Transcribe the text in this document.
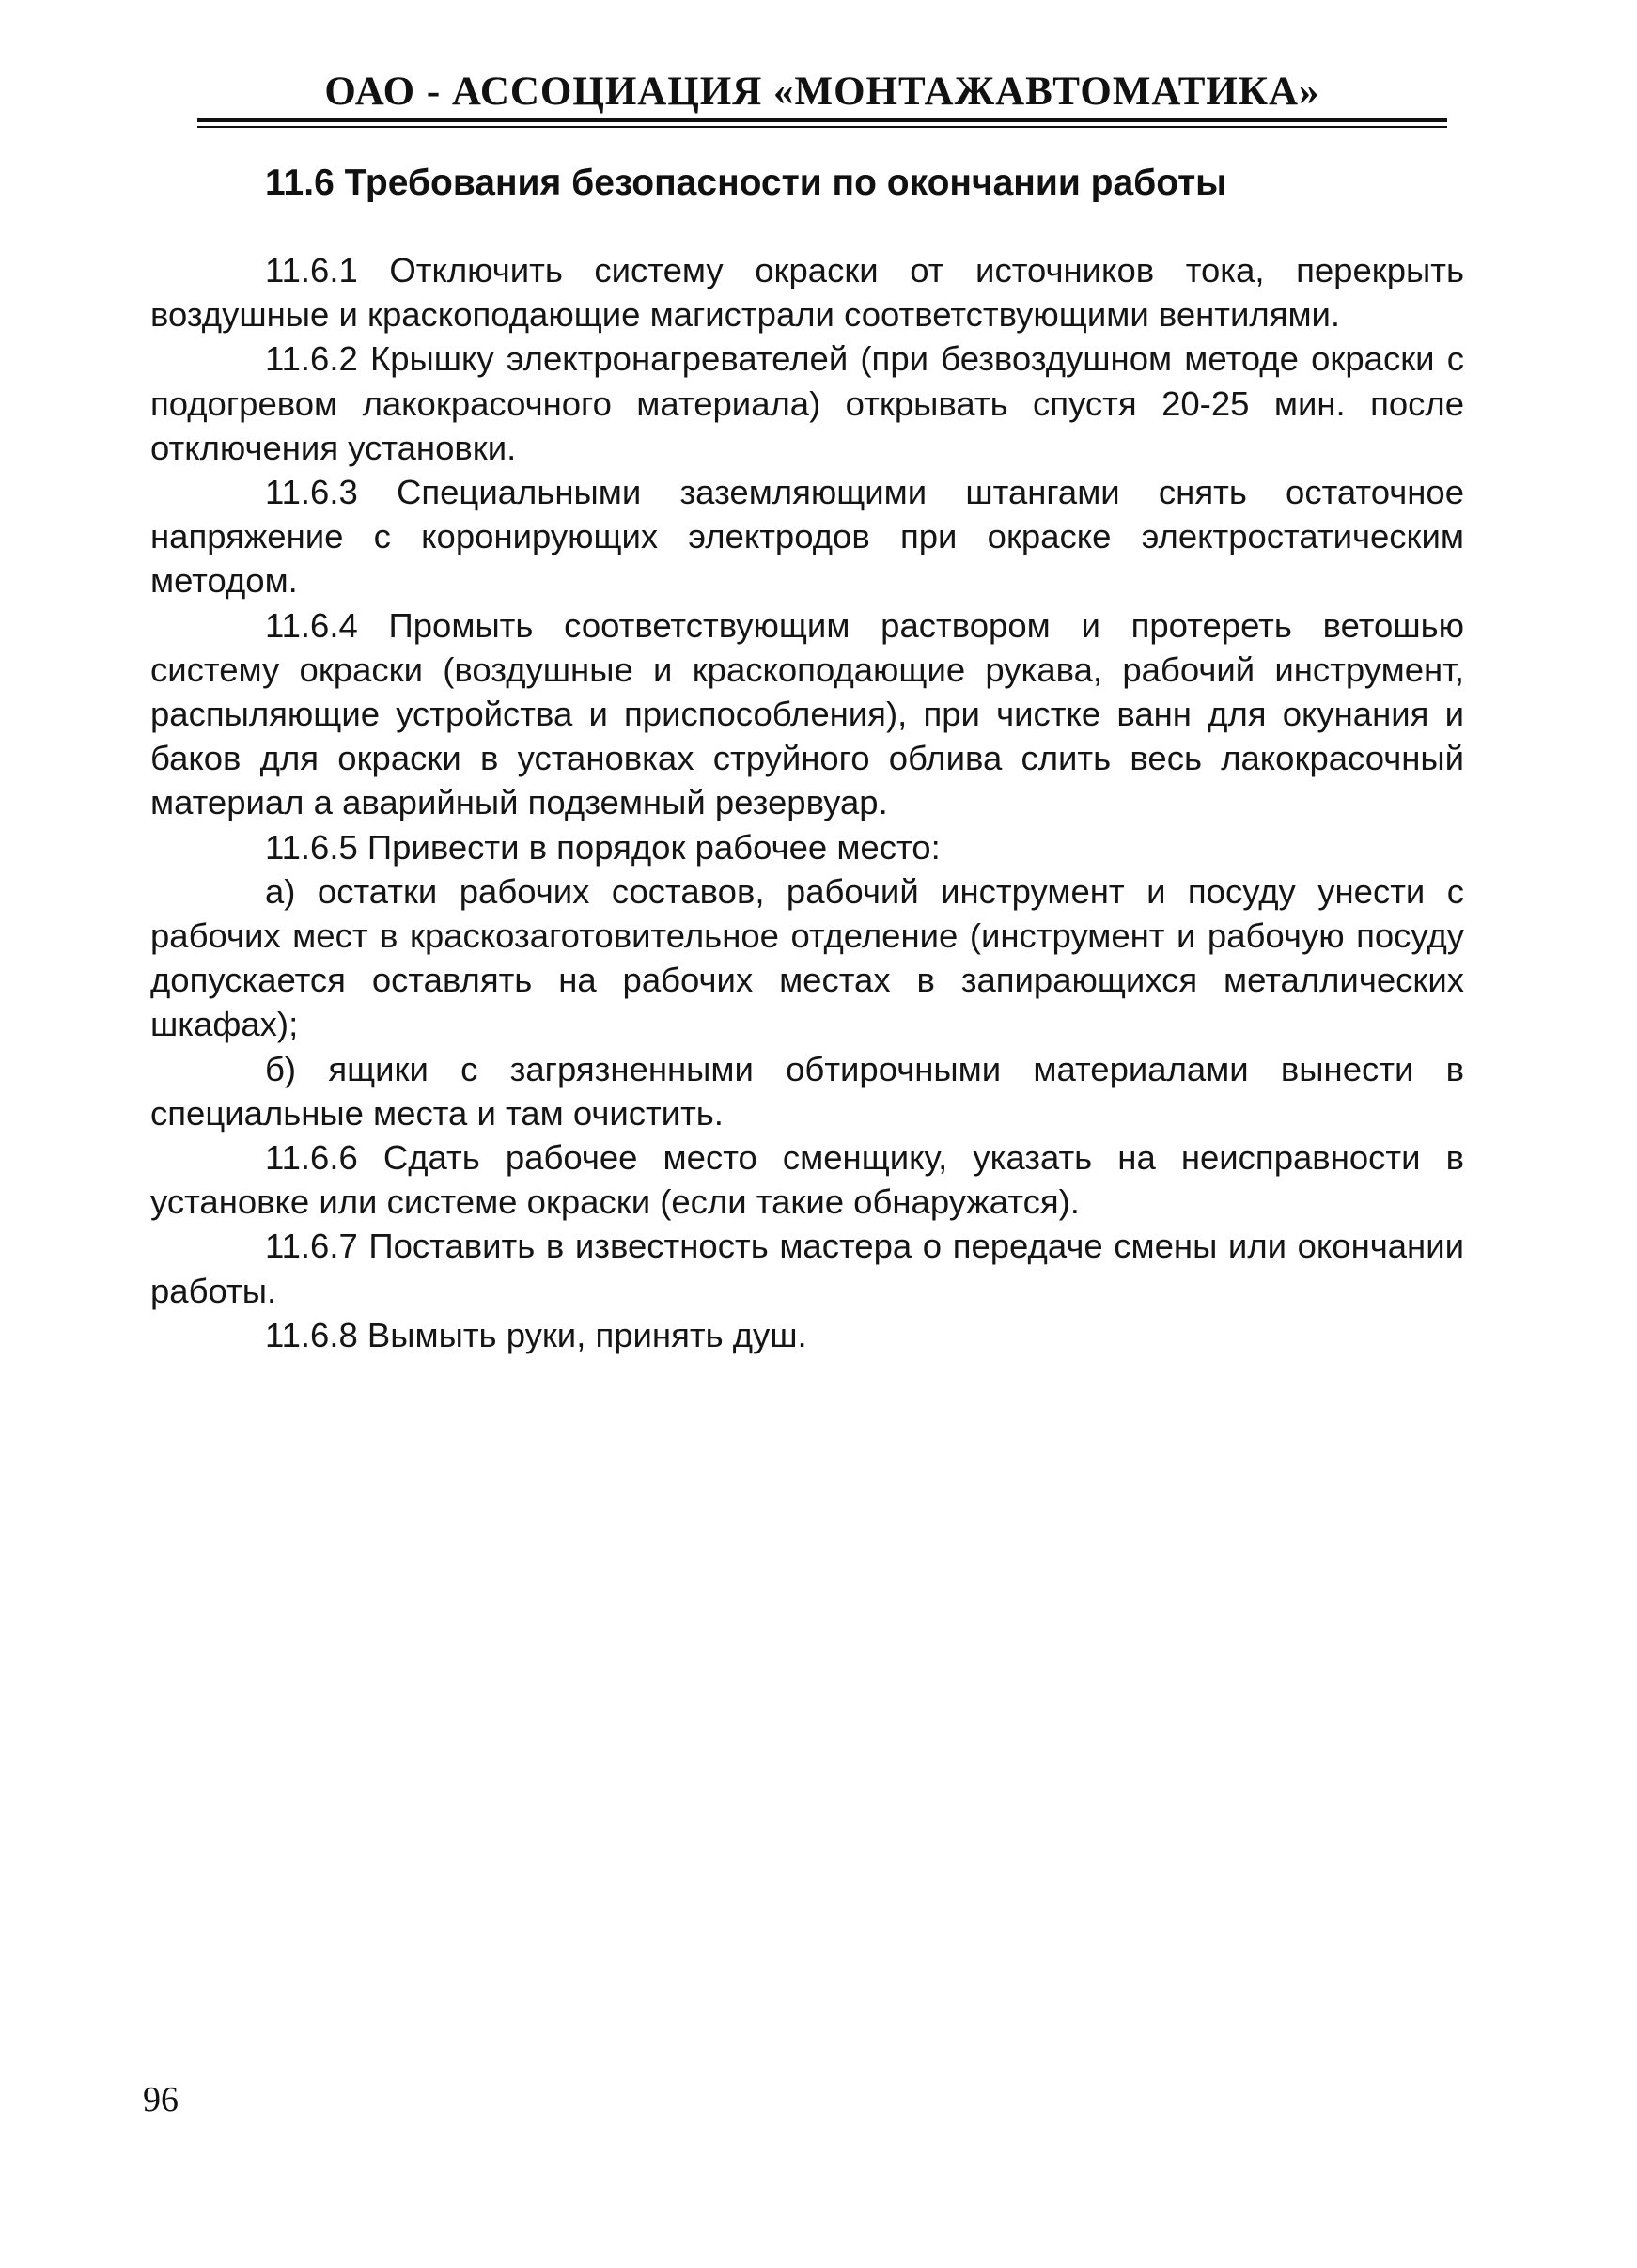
ОАО - АССОЦИАЦИЯ «МОНТАЖАВТОМАТИКА»
11.6 Требования безопасности по окончании работы

11.6.1 Отключить систему окраски от источников тока, перекрыть воздушные и краскоподающие магистрали соответствующими вентилями.

11.6.2 Крышку электронагревателей (при безвоздушном методе окраски с подогревом лакокрасочного материала) открывать спустя 20-25 мин. после отключения установки.

11.6.3 Специальными заземляющими штангами снять остаточное напряжение с коронирующих электродов при окраске электростатическим методом.

11.6.4 Промыть соответствующим раствором и протереть ветошью систему окраски (воздушные и краскоподающие рукава, рабочий инструмент, распыляющие устройства и приспособления), при чистке ванн для окунания и баков для окраски в установках струйного облива слить весь лакокрасочный материал а аварийный подземный резервуар.

11.6.5 Привести в порядок рабочее место:

а) остатки рабочих составов, рабочий инструмент и посуду унести с рабочих мест в краскозаготовительное отделение (инструмент и рабочую посуду допускается оставлять на рабочих местах в запирающихся металлических шкафах);

б) ящики с загрязненными обтирочными материалами вынести в специальные места и там очистить.

11.6.6 Сдать рабочее место сменщику, указать на неисправности в установке или системе окраски (если такие обнаружатся).

11.6.7 Поставить в известность мастера о передаче смены или окончании работы.

11.6.8 Вымыть руки, принять душ.

96
